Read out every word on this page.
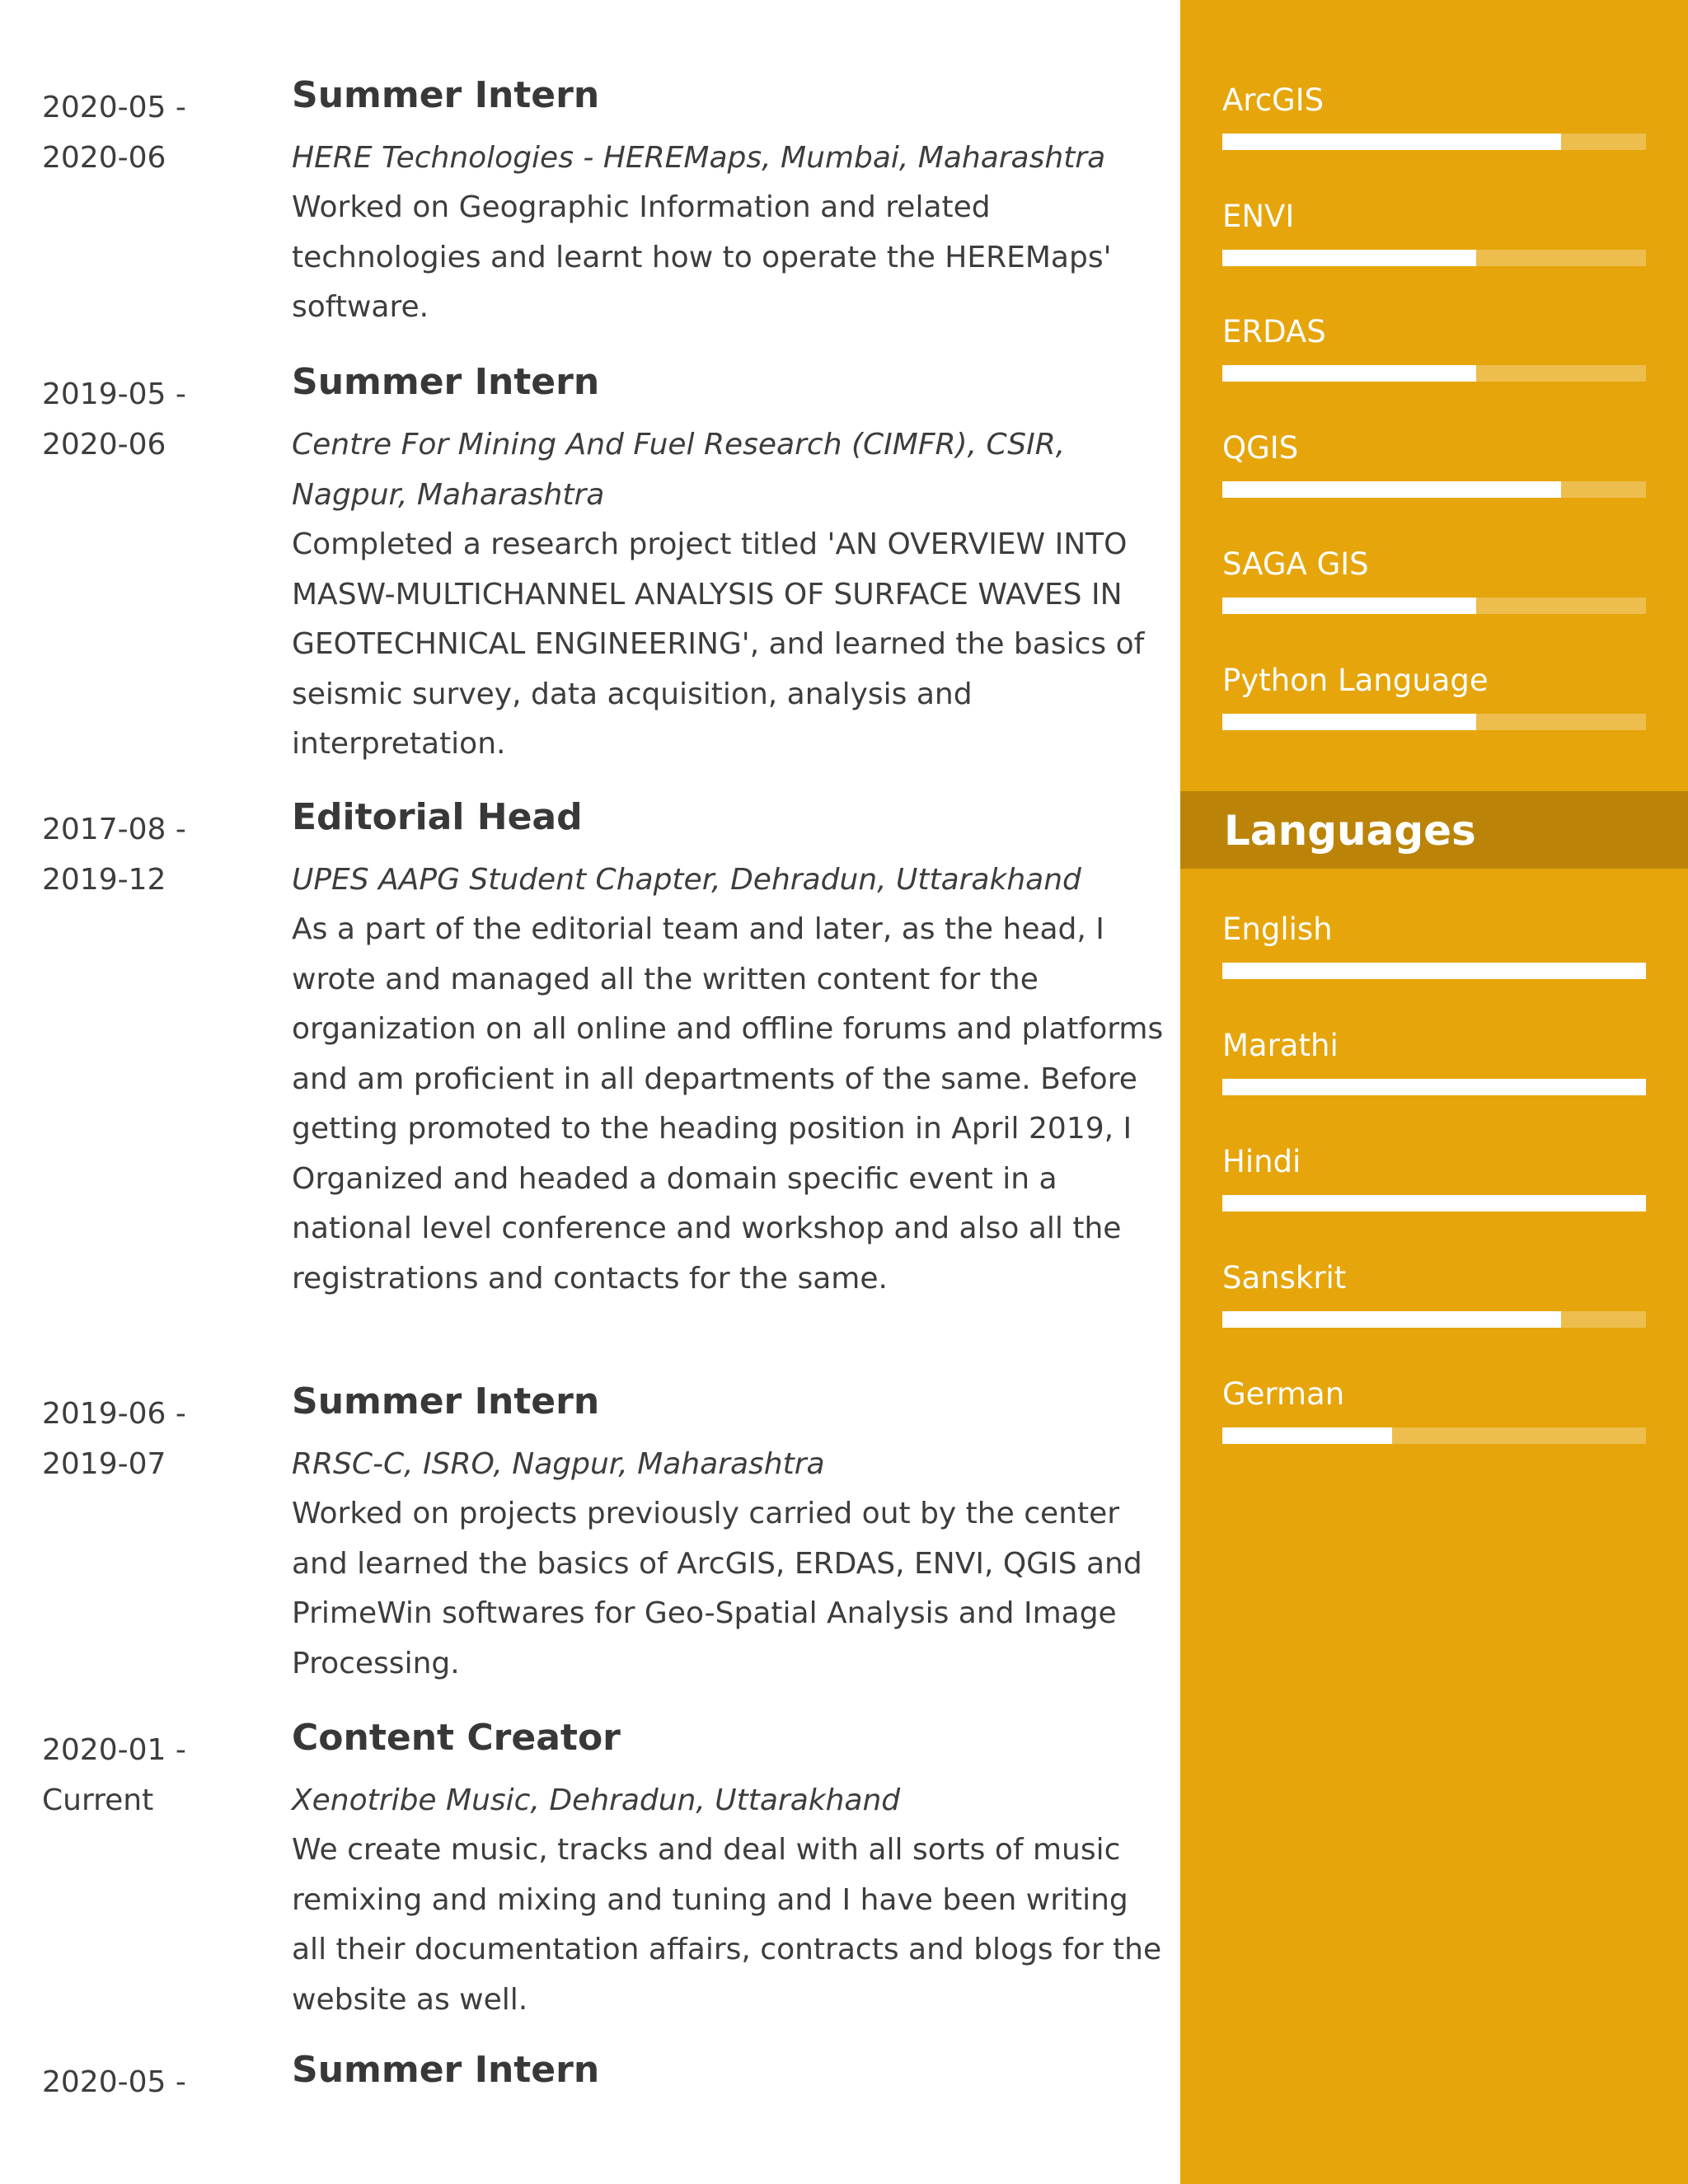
2020-05 -
2020-06
Summer Intern
HERE Technologies - HEREMaps, Mumbai, Maharashtra
Worked on Geographic Information and related technologies and learnt how to operate the HEREMaps' software.
2019-05 -
2020-06
Summer Intern
Centre For Mining And Fuel Research (CIMFR), CSIR, Nagpur, Maharashtra
Completed a research project titled 'AN OVERVIEW INTO MASW-MULTICHANNEL ANALYSIS OF SURFACE WAVES IN GEOTECHNICAL ENGINEERING', and learned the basics of seismic survey, data acquisition, analysis and interpretation.
2017-08 -
2019-12
Editorial Head
UPES AAPG Student Chapter, Dehradun, Uttarakhand
As a part of the editorial team and later, as the head, I wrote and managed all the written content for the organization on all online and offline forums and platforms and am proficient in all departments of the same. Before getting promoted to the heading position in April 2019, I Organized and headed a domain specific event in a national level conference and workshop and also all the registrations and contacts for the same.
2019-06 -
2019-07
Summer Intern
RRSC-C, ISRO, Nagpur, Maharashtra
Worked on projects previously carried out by the center and learned the basics of ArcGIS, ERDAS, ENVI, QGIS and PrimeWin softwares for Geo-Spatial Analysis and Image Processing.
2020-01 -
Current
Content Creator
Xenotribe Music, Dehradun, Uttarakhand
We create music, tracks and deal with all sorts of music remixing and mixing and tuning and I have been writing all their documentation affairs, contracts and blogs for the website as well.
2020-05 -	Summer Intern
ArcGIS
ENVI
ERDAS
QGIS
SAGA GIS
Python Language
Languages
English
Marathi
Hindi
Sanskrit
German
